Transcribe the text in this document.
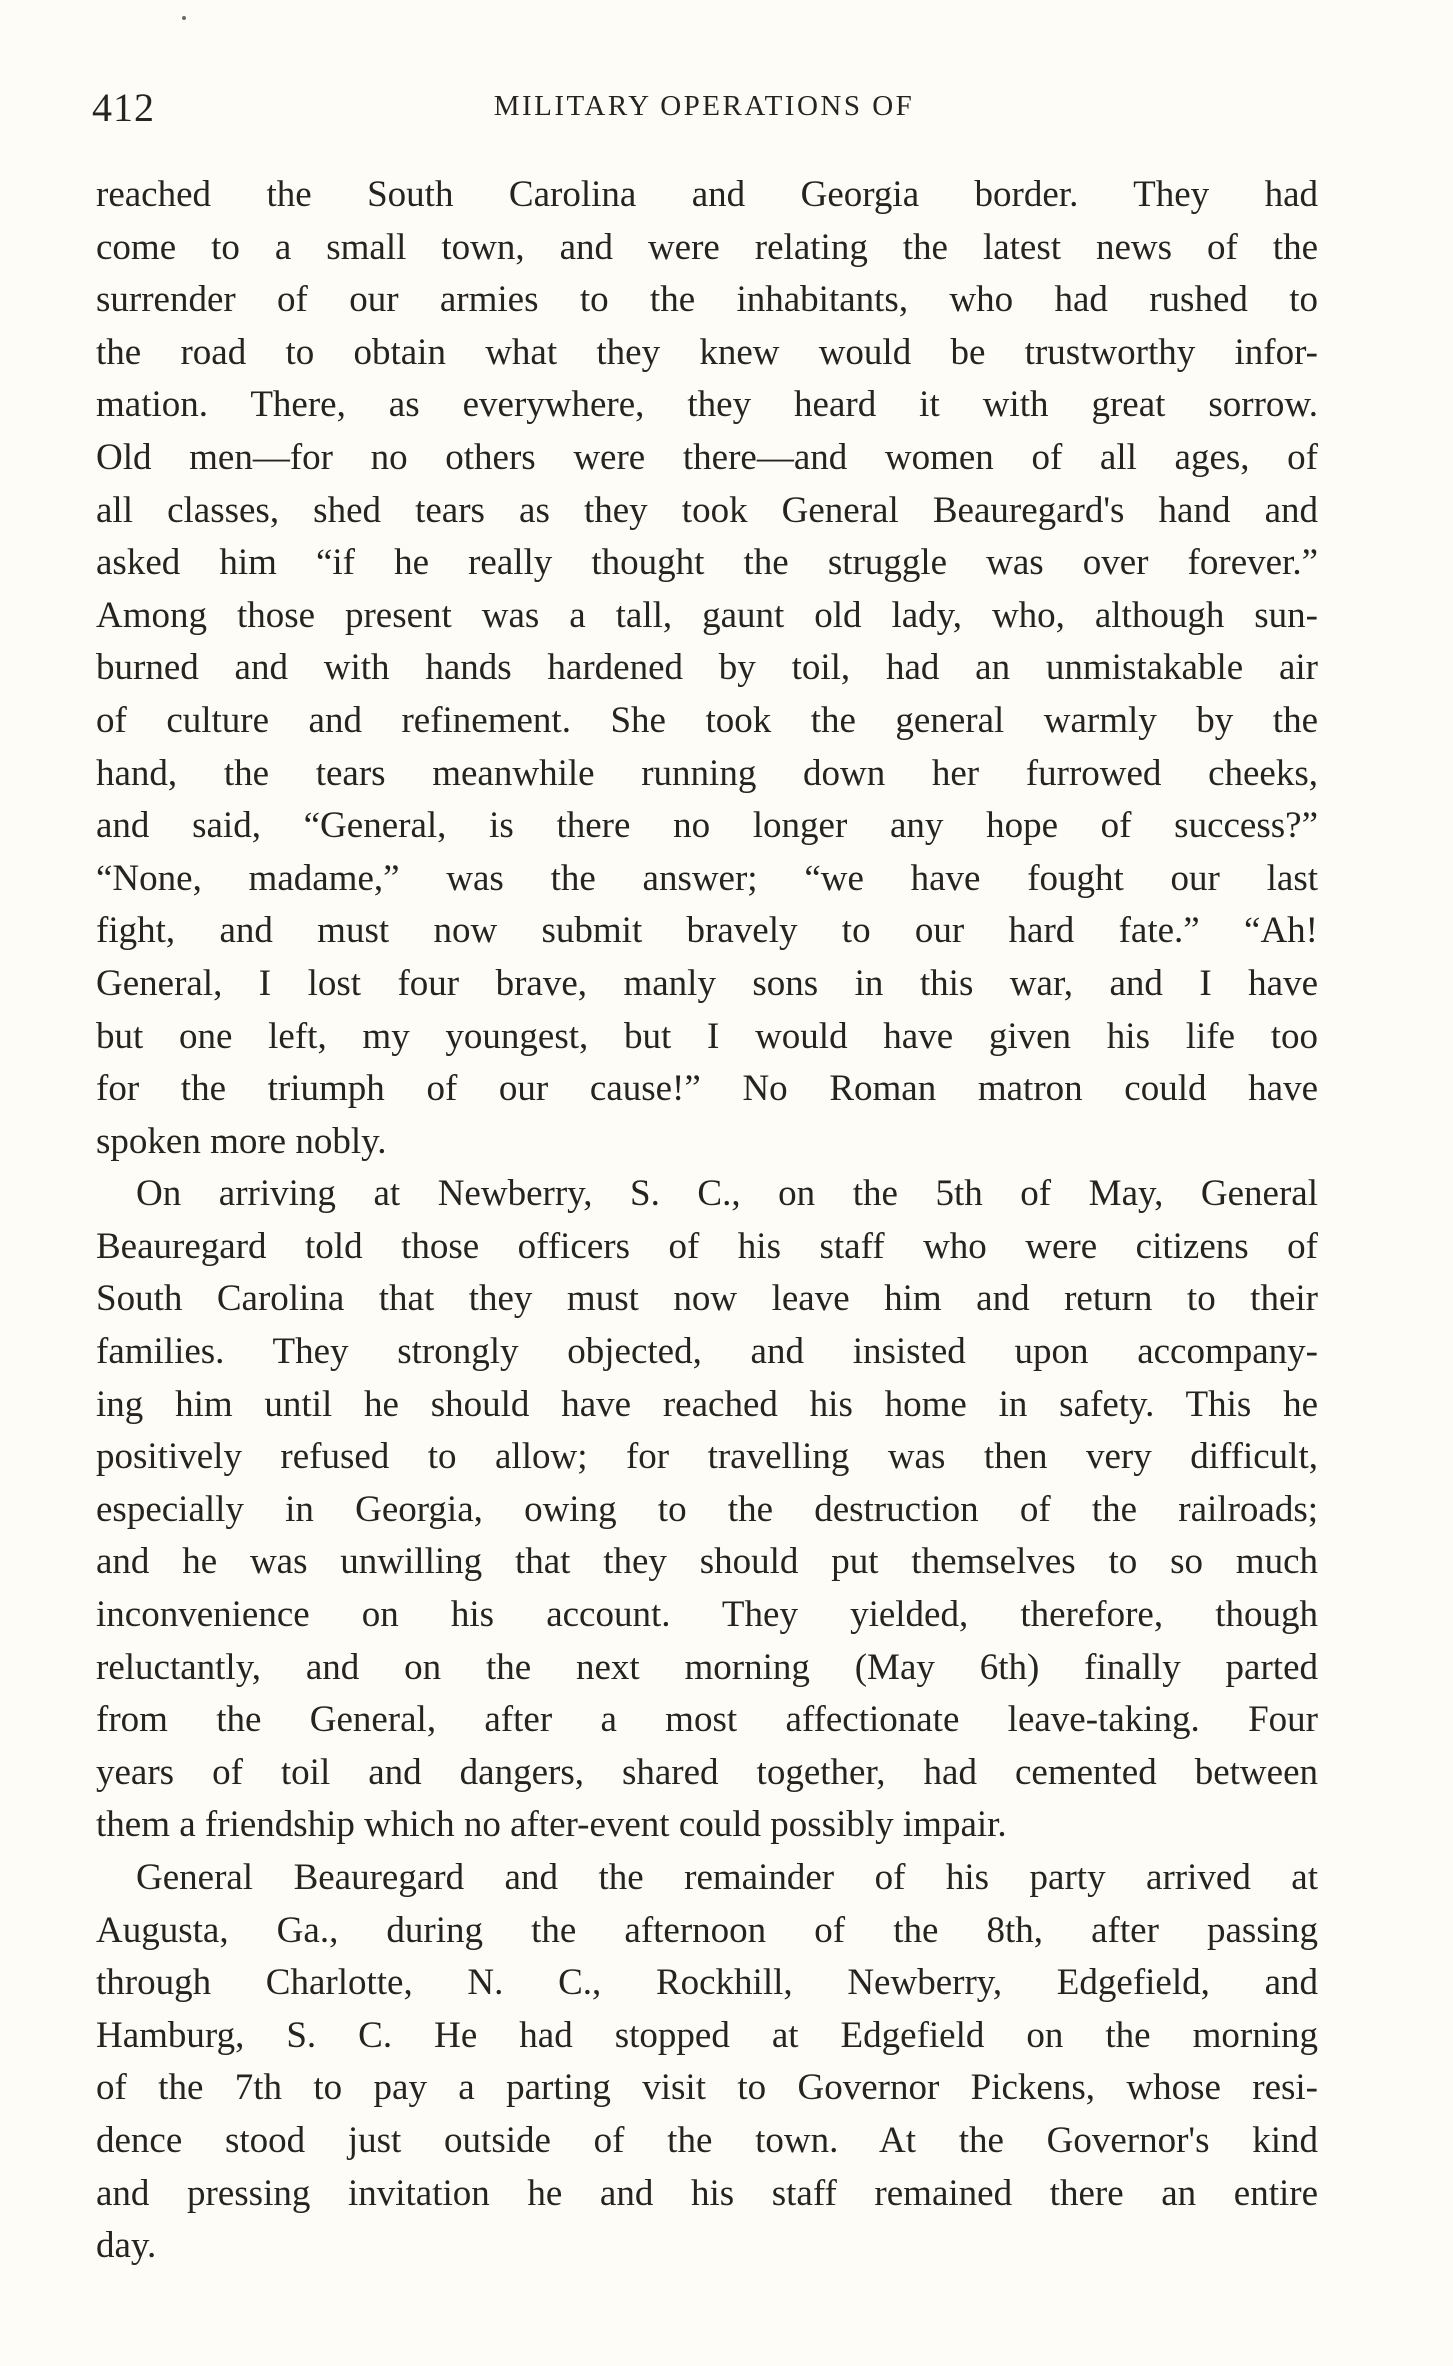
412	MILITARY OPERATIONS OF
reached the South Carolina and Georgia border. They had
come to a small town, and were relating the latest news of the
surrender of our armies to the inhabitants, who had rushed to
the road to obtain what they knew would be trustworthy infor-
mation. There, as everywhere, they heard it with great sorrow.
Old men—for no others were there—and women of all ages, of
all classes, shed tears as they took General Beauregard's hand and
asked him “if he really thought the struggle was over forever.”
Among those present was a tall, gaunt old lady, who, although sun-
burned and with hands hardened by toil, had an unmistakable air
of culture and refinement. She took the general warmly by the
hand, the tears meanwhile running down her furrowed cheeks,
and said, “General, is there no longer any hope of success?”
“None, madame,” was the answer; “we have fought our last
fight, and must now submit bravely to our hard fate.” “Ah!
General, I lost four brave, manly sons in this war, and I have
but one left, my youngest, but I would have given his life too
for the triumph of our cause!” No Roman matron could have
spoken more nobly.
On arriving at Newberry, S. C., on the 5th of May, General
Beauregard told those officers of his staff who were citizens of
South Carolina that they must now leave him and return to their
families. They strongly objected, and insisted upon accompany-
ing him until he should have reached his home in safety. This he
positively refused to allow; for travelling was then very difficult,
especially in Georgia, owing to the destruction of the railroads;
and he was unwilling that they should put themselves to so much
inconvenience on his account. They yielded, therefore, though
reluctantly, and on the next morning (May 6th) finally parted
from the General, after a most affectionate leave-taking. Four
years of toil and dangers, shared together, had cemented between
them a friendship which no after-event could possibly impair.
General Beauregard and the remainder of his party arrived at
Augusta, Ga., during the afternoon of the 8th, after passing
through Charlotte, N. C., Rockhill, Newberry, Edgefield, and
Hamburg, S. C. He had stopped at Edgefield on the morning
of the 7th to pay a parting visit to Governor Pickens, whose resi-
dence stood just outside of the town. At the Governor's kind
and pressing invitation he and his staff remained there an entire
day.
